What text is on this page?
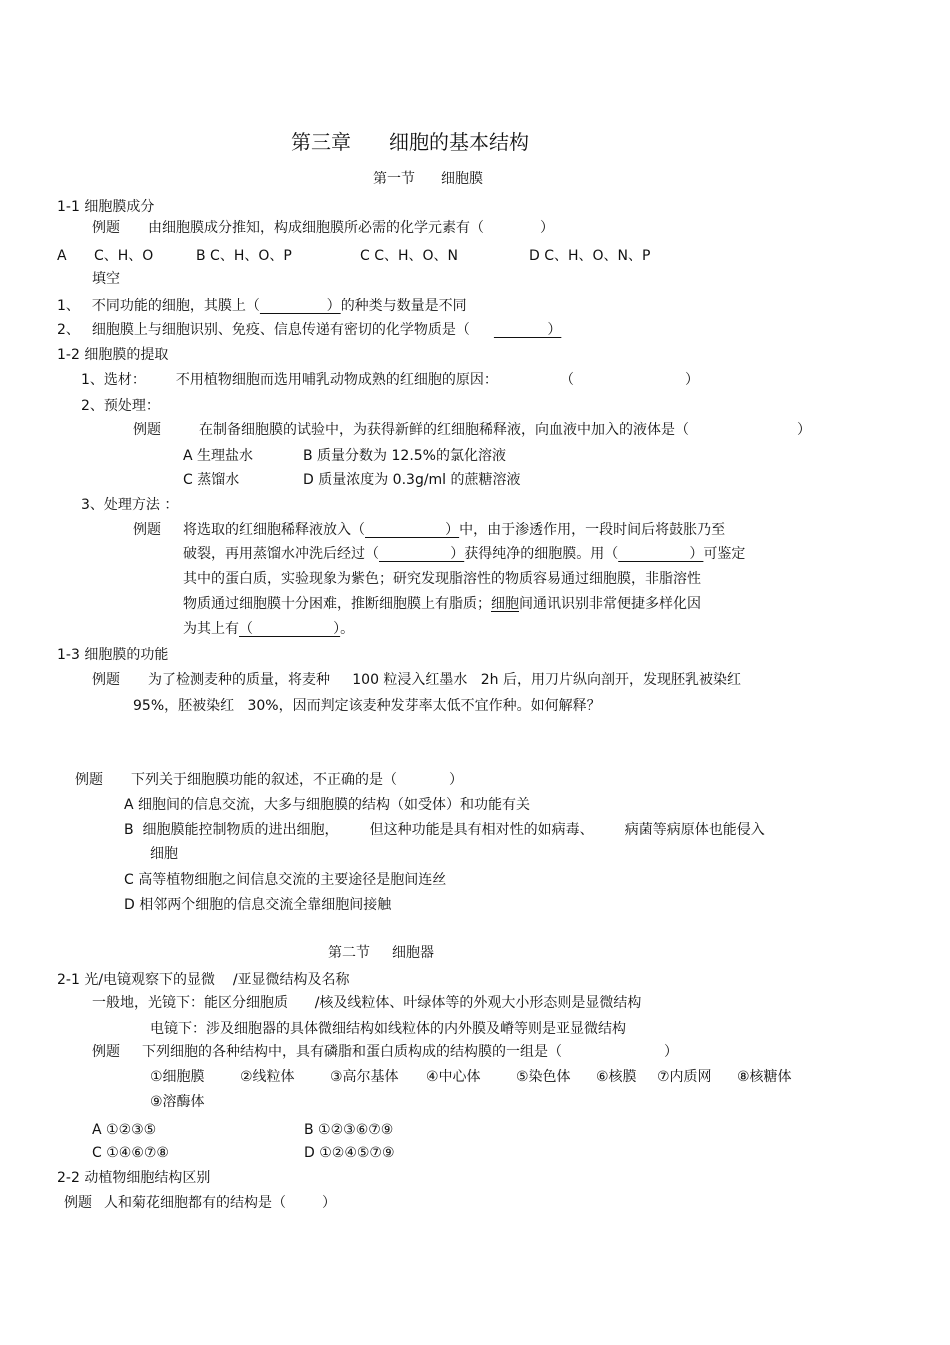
第三章 细胞的基本结构
第一节 细胞膜
1-1 细胞膜成分
例题 由细胞膜成分推知，构成细胞膜所必需的化学元素有（	）
A C、H、O	B C、H、O、P	C C、H、O、N	D C、H、O、N、P
填空
1、 不同功能的细胞，其膜上（               ）的种类与数量是不同
2、 细胞膜上与细胞识别、免疫、信息传递有密切的化学物质是（            ）
1-2 细胞膜的提取
1、选材： 不用植物细胞而选用哺乳动物成熟的红细胞的原因：	（	）
2、预处理：
例题	在制备细胞膜的试验中，为获得新鲜的红细胞稀释液，向血液中加入的液体是（	）
A 生理盐水	B 质量分数为 12.5%的氯化溶液
C 蒸馏水	D 质量浓度为 0.3g/ml 的蔗糖溶液
3、处理方法 ：
例题 将选取的红细胞稀释液放入（                  ）中，由于渗透作用，一段时间后将鼓胀乃至
破裂，再用蒸馏水冲洗后经过（                ）获得纯净的细胞膜。用（                ）可鉴定
其中的蛋白质，实验现象为紫色；研究发现脂溶性的物质容易通过细胞膜，非脂溶性
物质通过细胞膜十分困难，推断细胞膜上有脂质；细胞间通讯识别非常便捷多样化因
为其上有（                  ）。
1-3 细胞膜的功能
例题 为了检测麦种的质量，将麦种     100 粒浸入红墨水   2h 后，用刀片纵向剖开，发现胚乳被染红
95%，胚被染红   30%，因而判定该麦种发芽率太低不宜作种。如何解释？
例题 下列关于细胞膜功能的叙述，不正确的是（	）
A 细胞间的信息交流，大多与细胞膜的结构（如受体）和功能有关
B  细胞膜能控制物质的进出细胞，       但这种功能是具有相对性的如病毒、       病菌等病原体也能侵入
细胞
C 高等植物细胞之间信息交流的主要途径是胞间连丝
D 相邻两个细胞的信息交流全靠细胞间接触
第二节 细胞器
2-1 光/电镜观察下的显微    /亚显微结构及名称
一般地，光镜下：能区分细胞质      /核及线粒体、叶绿体等的外观大小形态则是显微结构
电镜下：涉及细胞器的具体微细结构如线粒体的内外膜及嵴等则是亚显微结构
例题 下列细胞的各种结构中，具有磷脂和蛋白质构成的结构膜的一组是（	）
①细胞膜	②线粒体	③高尔基体 ④中心体	⑤染色体 ⑥核膜 ⑦内质网 ⑧核糖体
⑨溶酶体
A ①②③⑤	B ①②③⑥⑦⑨
C ①④⑥⑦⑧	D ①②④⑤⑦⑨
2-2 动植物细胞结构区别
例题 人和菊花细胞都有的结构是（	）
